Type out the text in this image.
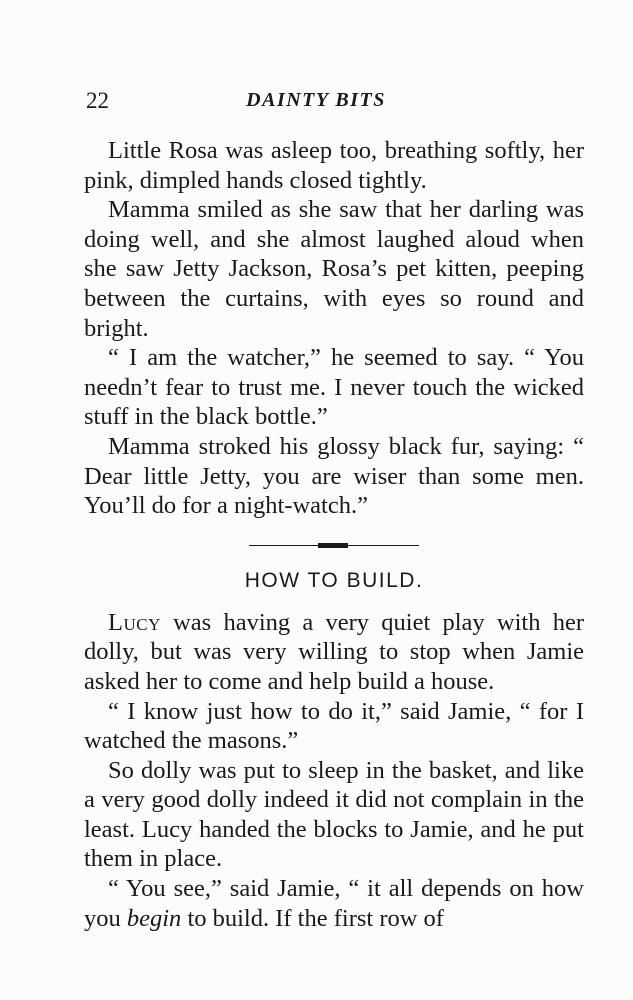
22	DAINTY BITS

Little Rosa was asleep too, breathing softly, her pink, dimpled hands closed tightly.

Mamma smiled as she saw that her darling was doing well, and she almost laughed aloud when she saw Jetty Jackson, Rosa’s pet kitten, peeping between the curtains, with eyes so round and bright.

“ I am the watcher,” he seemed to say. “ You needn’t fear to trust me. I never touch the wicked stuff in the black bottle.”

Mamma stroked his glossy black fur, saying: “ Dear little Jetty, you are wiser than some men. You’ll do for a night-watch.”

HOW TO BUILD.

Lucy was having a very quiet play with her dolly, but was very willing to stop when Jamie asked her to come and help build a house.

“ I know just how to do it,” said Jamie, “ for I watched the masons.”

So dolly was put to sleep in the basket, and like a very good dolly indeed it did not complain in the least. Lucy handed the blocks to Jamie, and he put them in place.

“ You see,” said Jamie, “ it all depends on how you begin to build. If the first row of
